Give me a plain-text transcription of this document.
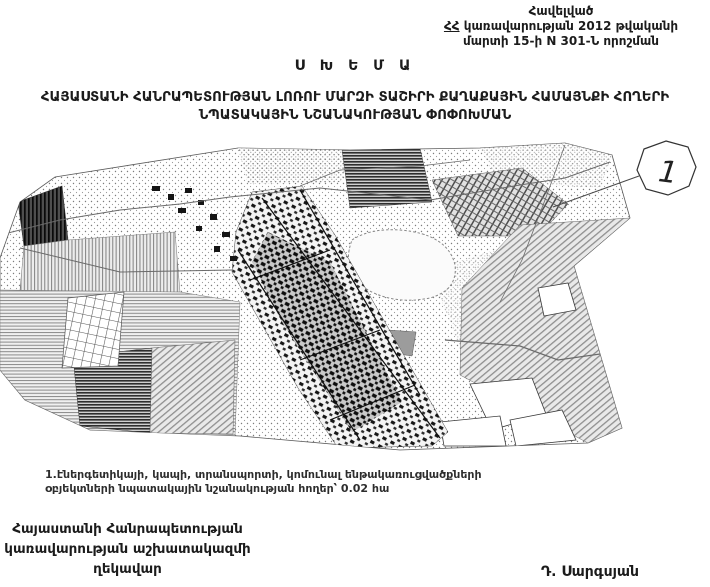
Հավելված
ՀՀ կառավարության 2012 թվականի
մարտի 15-ի N 301-Ն որոշման
Ս Խ Ե Մ Ա
ՀԱՅԱՍՏԱՆԻ ՀԱՆՐԱՊԵՏՈՒԹՅԱՆ ԼՈՌՈՒ ՄԱՐԶԻ ՏԱՇԻՐԻ ՔԱՂԱՔԱՅԻՆ ՀԱՄԱՅՆՔԻ ՀՈՂԵՐԻ
ՆՊԱՏԱԿԱՅԻՆ ՆՇԱՆԱԿՈՒԹՅԱՆ ՓՈՓՈԽՄԱՆ
1
1.էներգետիկայի, կապի, տրանսպորտի, կոմունալ ենթակառուցվածքների
օբյեկտների նպատակային նշանակության հողեր՝ 0.02 հա
Հայաստանի Հանրապետության
կառավարության աշխատակազմի
ղեկավար	Դ. Սարգսյան
